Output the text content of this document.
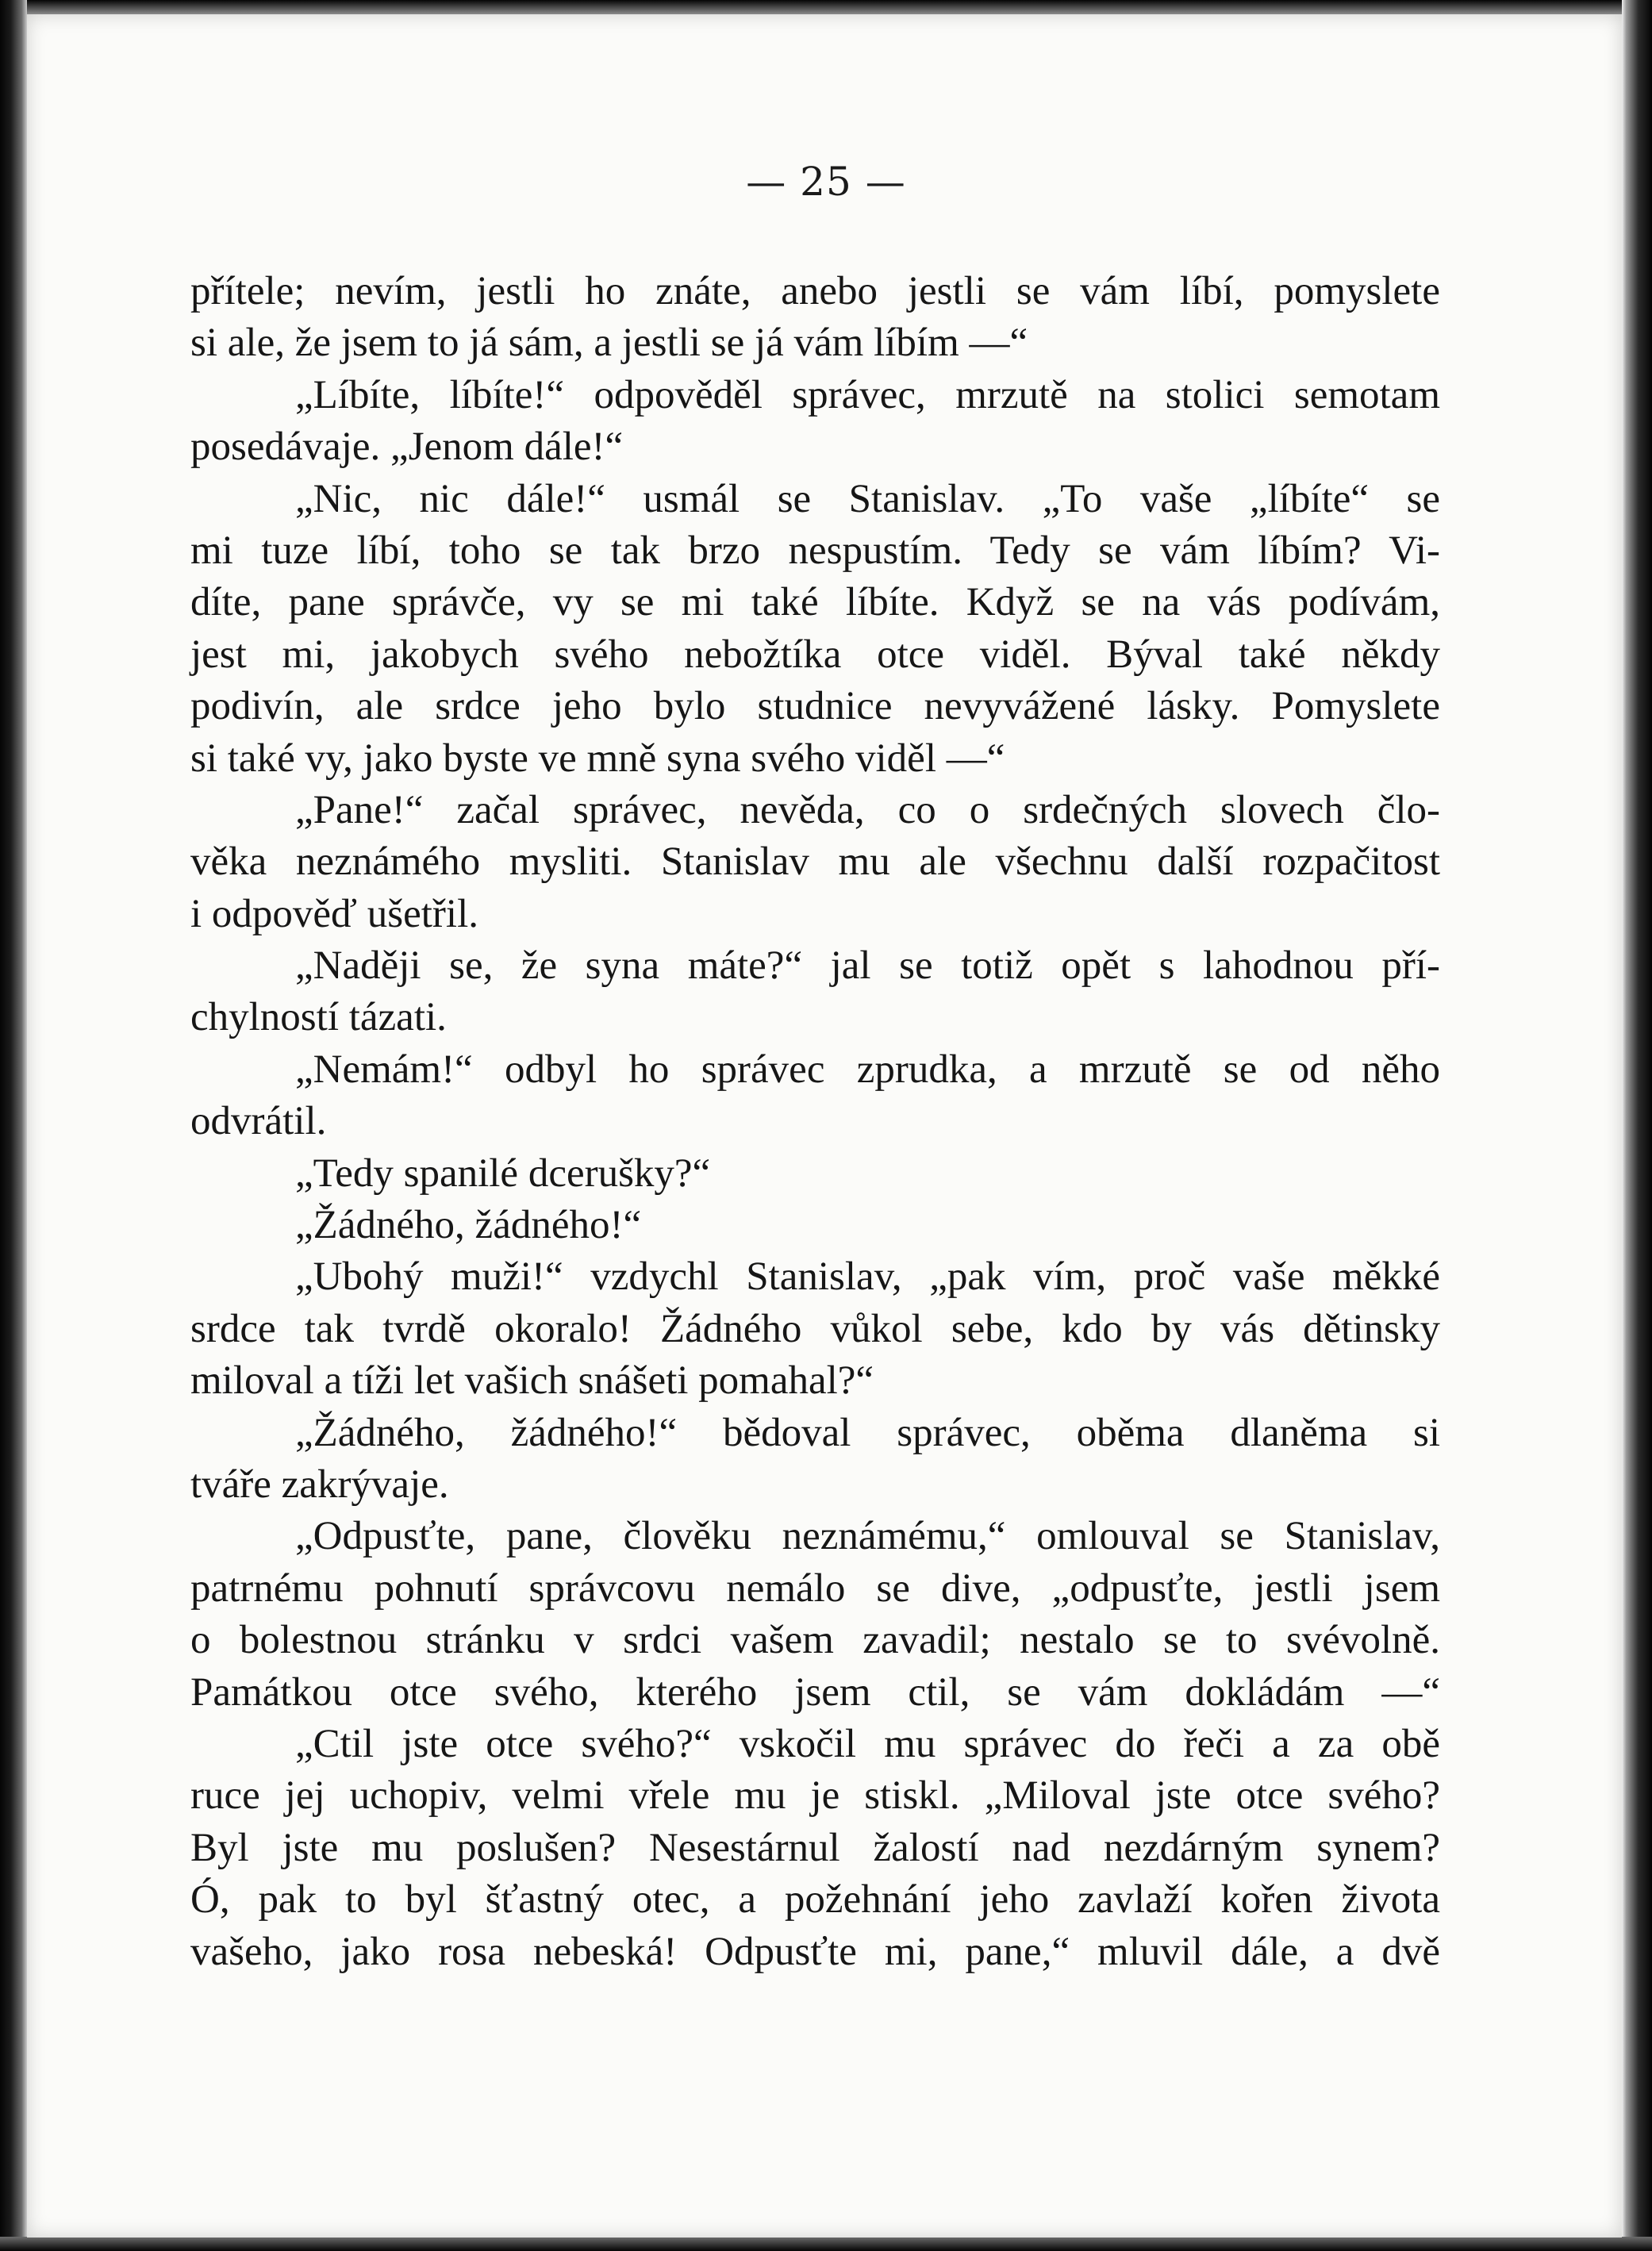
— 25 —
přítele; nevím, jestli ho znáte, anebo jestli se vám líbí, pomyslete
si ale, že jsem to já sám, a jestli se já vám líbím —“
„Líbíte, líbíte!“ odpověděl správec, mrzutě na stolici semotam
posedávaje. „Jenom dále!“
„Nic, nic dále!“ usmál se Stanislav. „To vaše „líbíte“ se
mi tuze líbí, toho se tak brzo nespustím. Tedy se vám líbím? Vi-
díte, pane správče, vy se mi také líbíte. Když se na vás podívám,
jest mi, jakobych svého nebožtíka otce viděl. Býval také někdy
podivín, ale srdce jeho bylo studnice nevyvážené lásky. Pomyslete
si také vy, jako byste ve mně syna svého viděl —“
„Pane!“ začal správec, nevěda, co o srdečných slovech člo-
věka neznámého mysliti. Stanislav mu ale všechnu další rozpačitost
i odpověď ušetřil.
„Naději se, že syna máte?“ jal se totiž opět s lahodnou pří-
chylností tázati.
„Nemám!“ odbyl ho správec zprudka, a mrzutě se od něho
odvrátil.
„Tedy spanilé dcerušky?“
„Žádného, žádného!“
„Ubohý muži!“ vzdychl Stanislav, „pak vím, proč vaše měkké
srdce tak tvrdě okoralo! Žádného vůkol sebe, kdo by vás dětinsky
miloval a tíži let vašich snášeti pomahal?“
„Žádného, žádného!“ bědoval správec, oběma dlaněma si
tváře zakrývaje.
„Odpusťte, pane, člověku neznámému,“ omlouval se Stanislav,
patrnému pohnutí správcovu nemálo se dive, „odpusťte, jestli jsem
o bolestnou stránku v srdci vašem zavadil; nestalo se to svévolně.
Památkou otce svého, kterého jsem ctil, se vám dokládám —“
„Ctil jste otce svého?“ vskočil mu správec do řeči a za obě
ruce jej uchopiv, velmi vřele mu je stiskl. „Miloval jste otce svého?
Byl jste mu poslušen? Nesestárnul žalostí nad nezdárným synem?
Ó, pak to byl šťastný otec, a požehnání jeho zavlaží kořen života
vašeho, jako rosa nebeská! Odpusťte mi, pane,“ mluvil dále, a dvě
